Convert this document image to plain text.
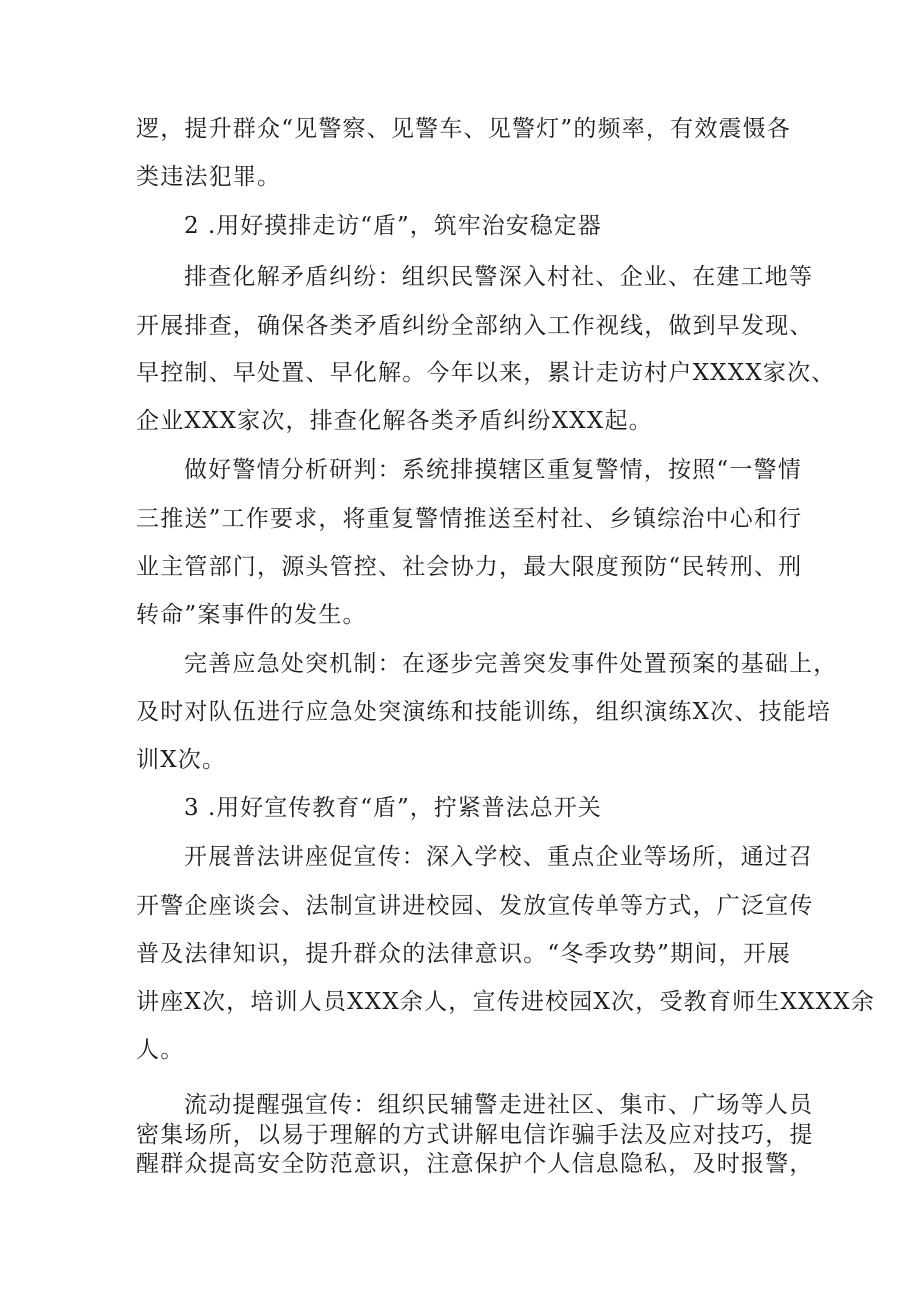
逻，提升群众“见警察、见警车、见警灯”的频率，有效震慑各
类违法犯罪。
2 .用好摸排走访“盾”，筑牢治安稳定器
排查化解矛盾纠纷：组织民警深入村社、企业、在建工地等
开展排查，确保各类矛盾纠纷全部纳入工作视线，做到早发现、
早控制、早处置、早化解。今年以来，累计走访村户XXXX家次、
企业XXX家次，排查化解各类矛盾纠纷XXX起。
做好警情分析研判：系统排摸辖区重复警情，按照“一警情
三推送”工作要求，将重复警情推送至村社、乡镇综治中心和行
业主管部门，源头管控、社会协力，最大限度预防“民转刑、刑
转命”案事件的发生。
完善应急处突机制：在逐步完善突发事件处置预案的基础上，
及时对队伍进行应急处突演练和技能训练，组织演练X次、技能培
训X次。
3 .用好宣传教育“盾”，拧紧普法总开关
开展普法讲座促宣传：深入学校、重点企业等场所，通过召
开警企座谈会、法制宣讲进校园、发放宣传单等方式，广泛宣传
普及法律知识，提升群众的法律意识。“冬季攻势”期间，开展
讲座X次，培训人员XXX余人，宣传进校园X次，受教育师生XXXX余
人。
流动提醒强宣传：组织民辅警走进社区、集市、广场等人员
密集场所，以易于理解的方式讲解电信诈骗手法及应对技巧，提
醒群众提高安全防范意识，注意保护个人信息隐私，及时报警，
